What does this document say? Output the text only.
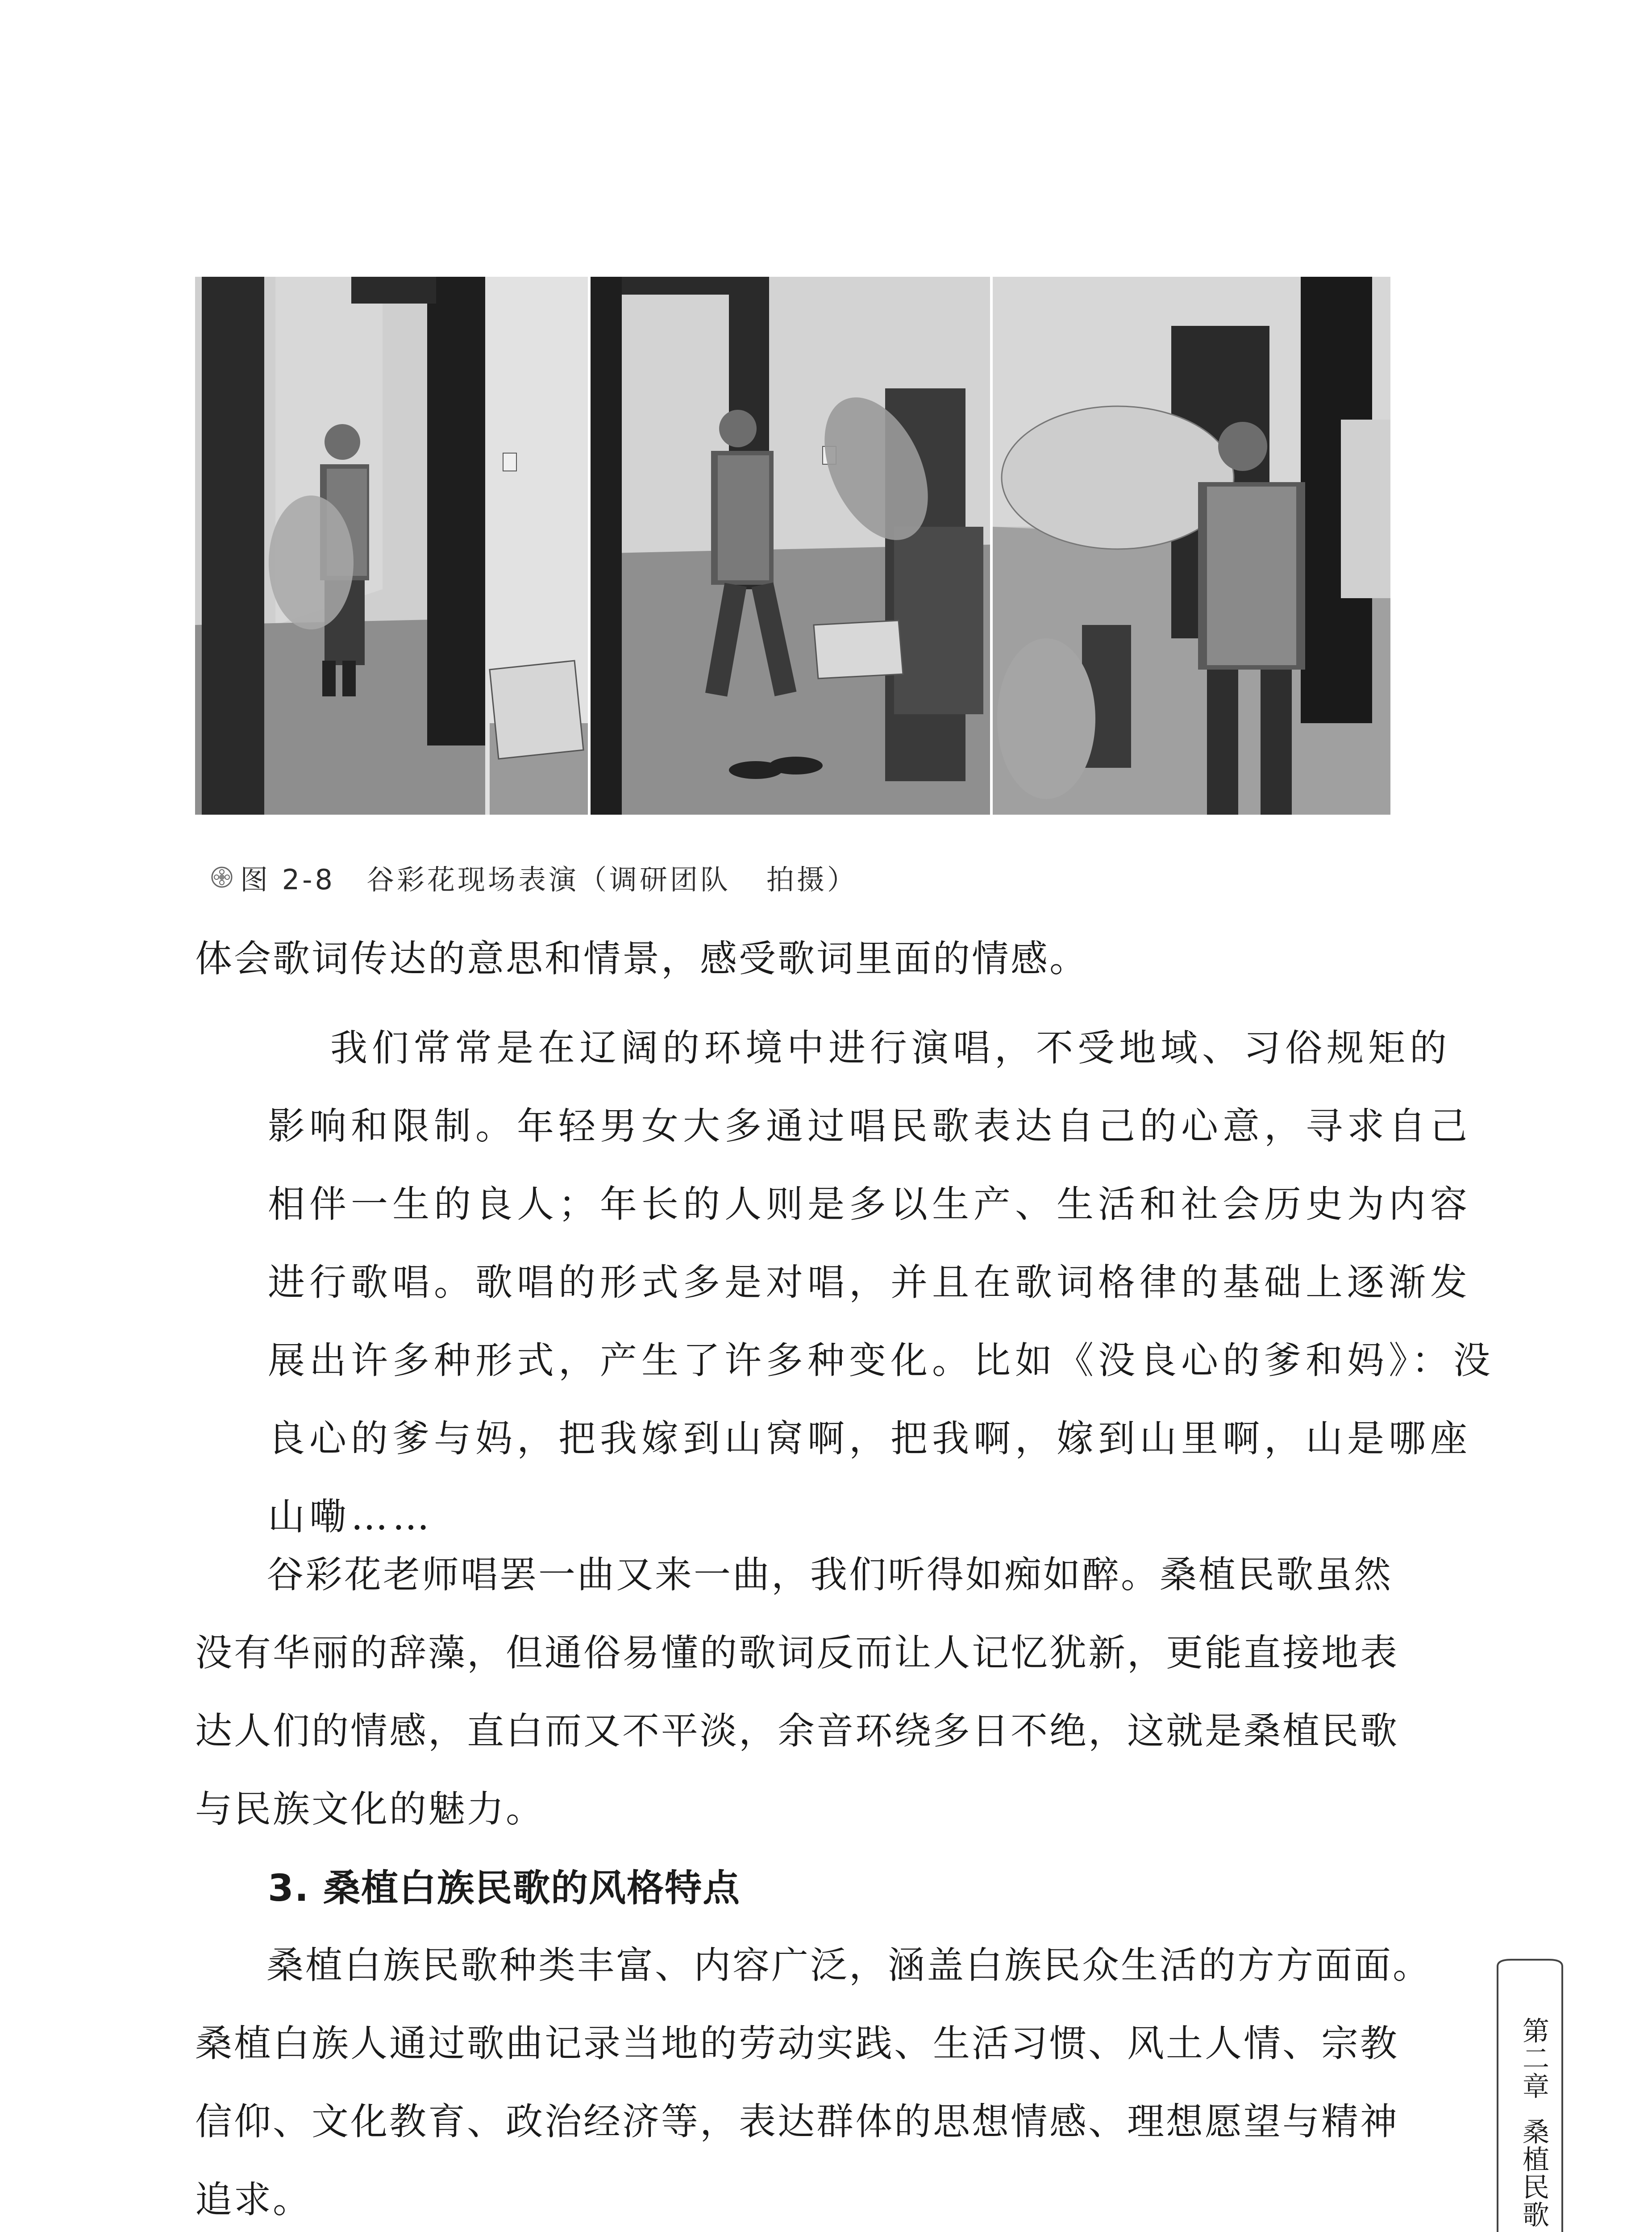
图 2-8 谷彩花现场表演（调研团队 拍摄）
体会歌词传达的意思和情景，感受歌词里面的情感。
我们常常是在辽阔的环境中进行演唱，不受地域、习俗规矩的
影响和限制。年轻男女大多通过唱民歌表达自己的心意，寻求自己
相伴一生的良人；年长的人则是多以生产、生活和社会历史为内容
进行歌唱。歌唱的形式多是对唱，并且在歌词格律的基础上逐渐发
展出许多种形式，产生了许多种变化。比如《没良心的爹和妈》：没
良心的爹与妈，把我嫁到山窝啊，把我啊，嫁到山里啊，山是哪座
山嘞……
谷彩花老师唱罢一曲又来一曲，我们听得如痴如醉。桑植民歌虽然
没有华丽的辞藻，但通俗易懂的歌词反而让人记忆犹新，更能直接地表
达人们的情感，直白而又不平淡，余音环绕多日不绝，这就是桑植民歌
与民族文化的魅力。
3. 桑植白族民歌的风格特点
桑植白族民歌种类丰富、内容广泛，涵盖白族民众生活的方方面面。
桑植白族人通过歌曲记录当地的劳动实践、生活习惯、风土人情、宗教
信仰、文化教育、政治经济等，表达群体的思想情感、理想愿望与精神
追求。
第二章桑植民歌
